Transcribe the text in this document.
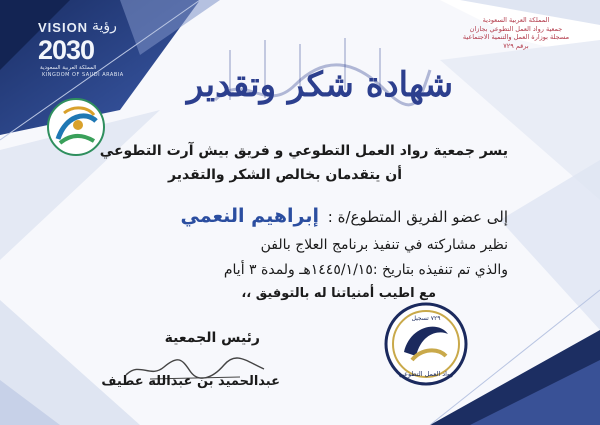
VISION رؤية
2030
المملكة العربية السعودية
KINGDOM OF SAUDI ARABIA
المملكة العربية السعودية
جمعية رواد العمل التطوعي بجازان
مسجلة بوزارة العمل والتنمية الاجتماعية
برقم ٧٢٩
شهادة شكر وتقدير
يسر جمعية رواد العمل التطوعي و فريق بيش آرت التطوعي
أن يتقدمان بخالص الشكر والتقدير
إلى عضو الفريق المتطوع/ة : إبراهيم النعمي
نظير مشاركته في تنفيذ برنامج العلاج بالفن
والذي تم تنفيذه بتاريخ :١٤٤٥/١/١٥هـ ولمدة ٣ أيام
مع اطيب أمنياتنا له بالتوفيق ،،
رئيس الجمعية
عبدالحميد بن عبدالله عطيف
٧٢٩ تسجيل
رواد العمل التطوعي
